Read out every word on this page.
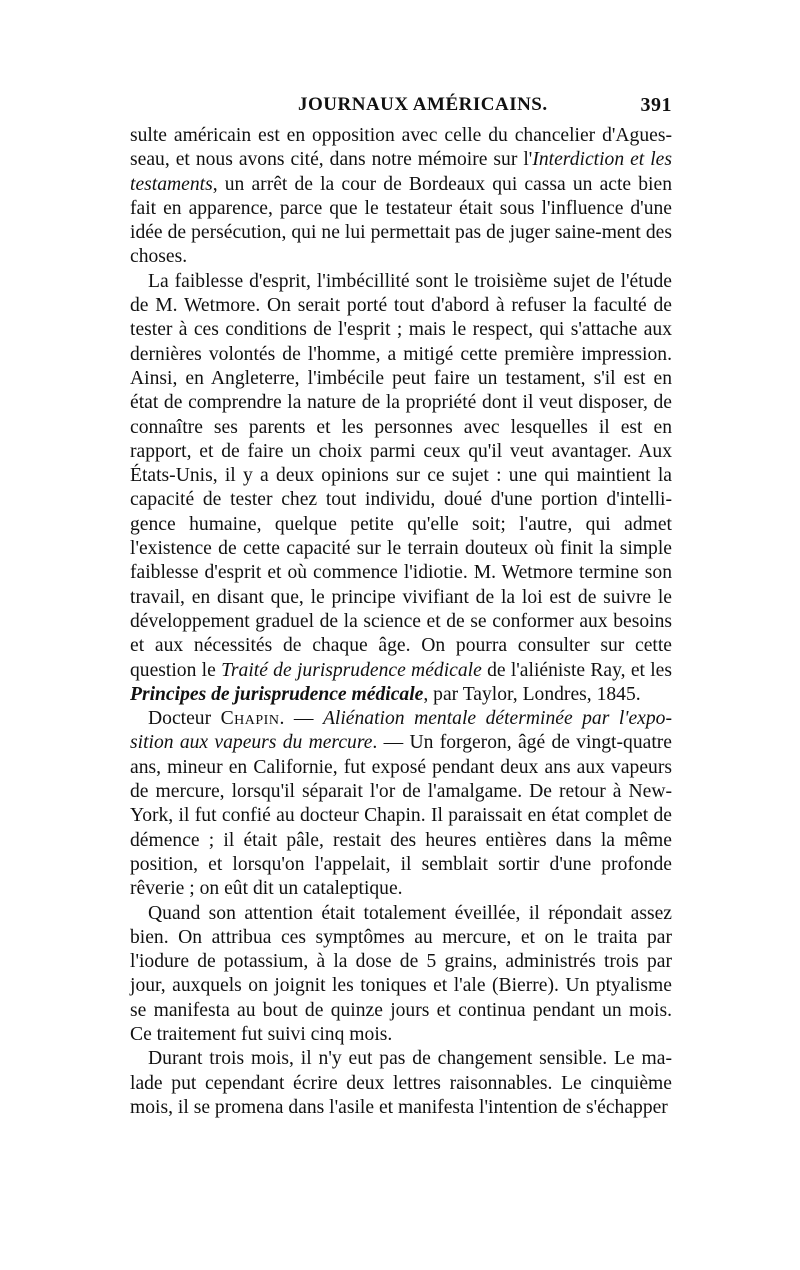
JOURNAUX AMÉRICAINS.	391

sulte américain est en opposition avec celle du chancelier d'Agues-seau, et nous avons cité, dans notre mémoire sur l'Interdiction et les testaments, un arrêt de la cour de Bordeaux qui cassa un acte bien fait en apparence, parce que le testateur était sous l'influence d'une idée de persécution, qui ne lui permettait pas de juger saine-ment des choses.

La faiblesse d'esprit, l'imbécillité sont le troisième sujet de l'étude de M. Wetmore. On serait porté tout d'abord à refuser la faculté de tester à ces conditions de l'esprit ; mais le respect, qui s'attache aux dernières volontés de l'homme, a mitigé cette première impression. Ainsi, en Angleterre, l'imbécile peut faire un testament, s'il est en état de comprendre la nature de la propriété dont il veut disposer, de connaître ses parents et les personnes avec lesquelles il est en rapport, et de faire un choix parmi ceux qu'il veut avantager. Aux États-Unis, il y a deux opinions sur ce sujet : une qui maintient la capacité de tester chez tout individu, doué d'une portion d'intelli-gence humaine, quelque petite qu'elle soit; l'autre, qui admet l'existence de cette capacité sur le terrain douteux où finit la simple faiblesse d'esprit et où commence l'idiotie. M. Wetmore termine son travail, en disant que, le principe vivifiant de la loi est de suivre le développement graduel de la science et de se conformer aux besoins et aux nécessités de chaque âge. On pourra consulter sur cette question le Traité de jurisprudence médicale de l'aliéniste Ray, et les Principes de jurisprudence médicale, par Taylor, Londres, 1845.

Docteur Chapin. — Aliénation mentale déterminée par l'expo-sition aux vapeurs du mercure. — Un forgeron, âgé de vingt-quatre ans, mineur en Californie, fut exposé pendant deux ans aux vapeurs de mercure, lorsqu'il séparait l'or de l'amalgame. De retour à New-York, il fut confié au docteur Chapin. Il paraissait en état complet de démence ; il était pâle, restait des heures entières dans la même position, et lorsqu'on l'appelait, il semblait sortir d'une profonde rêverie ; on eût dit un cataleptique.

Quand son attention était totalement éveillée, il répondait assez bien. On attribua ces symptômes au mercure, et on le traita par l'iodure de potassium, à la dose de 5 grains, administrés trois par jour, auxquels on joignit les toniques et l'ale (Bierre). Un ptyalisme se manifesta au bout de quinze jours et continua pendant un mois. Ce traitement fut suivi cinq mois.

Durant trois mois, il n'y eut pas de changement sensible. Le ma-lade put cependant écrire deux lettres raisonnables. Le cinquième mois, il se promena dans l'asile et manifesta l'intention de s'échapper
